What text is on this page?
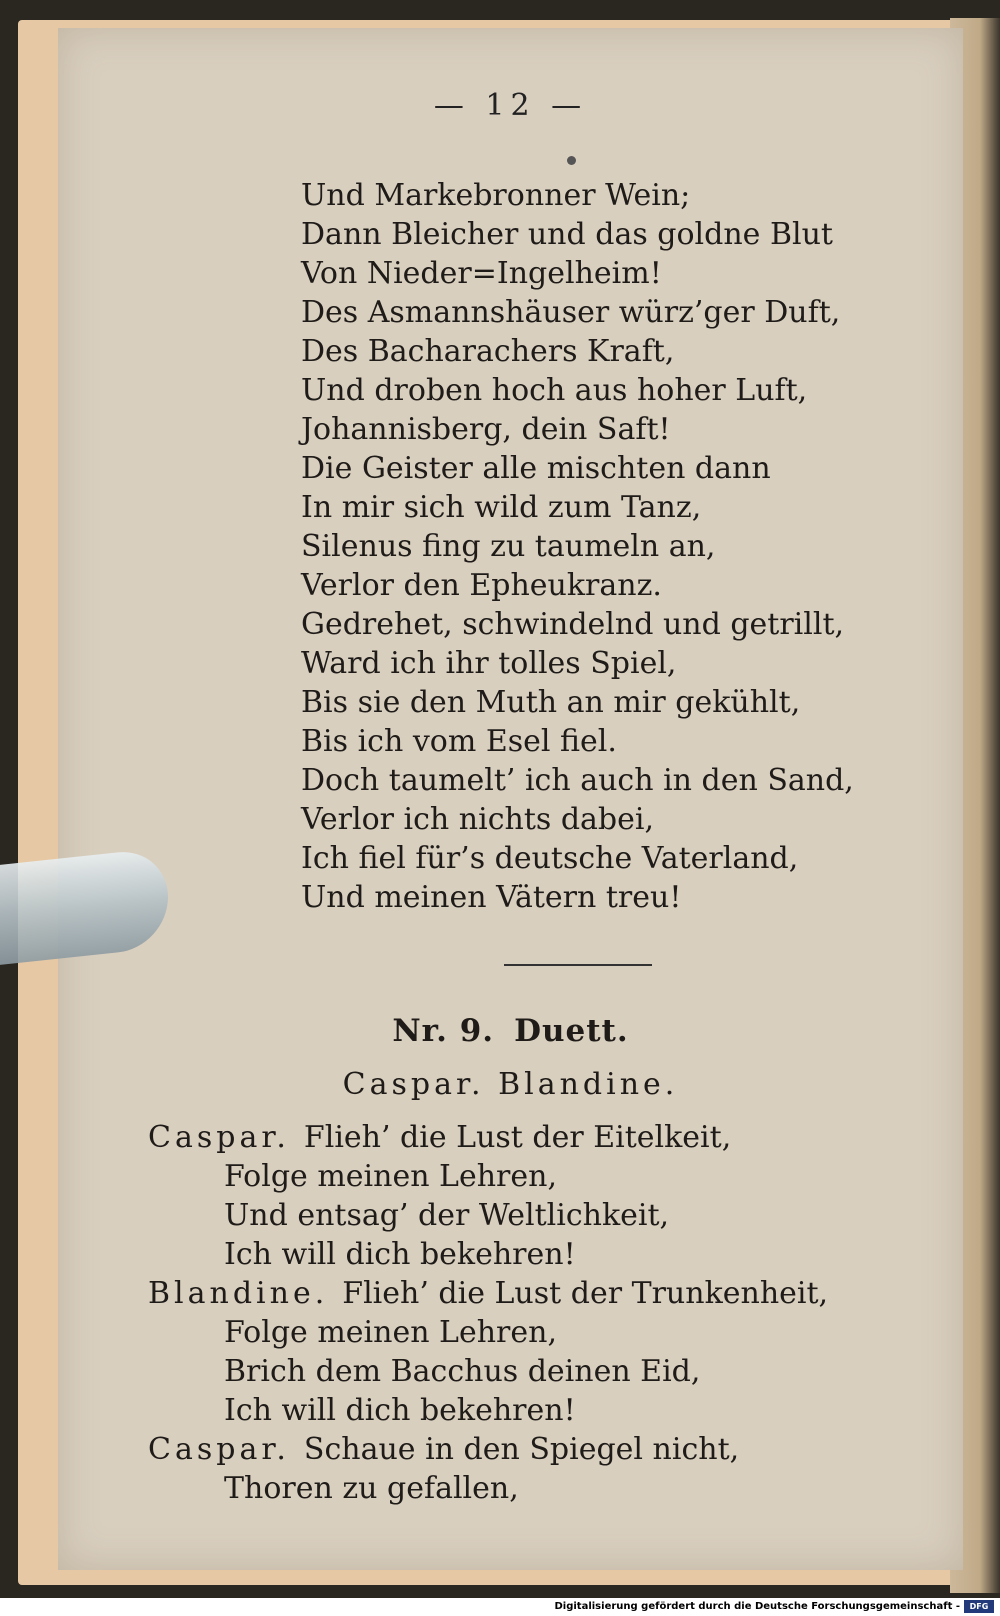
— 12 —
Und Markebronner Wein;
Dann Bleicher und das goldne Blut
Von Nieder=Ingelheim!
Des Asmannshäuser würz’ger Duft,
Des Bacharachers Kraft,
Und droben hoch aus hoher Luft,
Johannisberg, dein Saft!
Die Geister alle mischten dann
In mir sich wild zum Tanz,
Silenus fing zu taumeln an,
Verlor den Epheukranz.
Gedrehet, schwindelnd und getrillt,
Ward ich ihr tolles Spiel,
Bis sie den Muth an mir gekühlt,
Bis ich vom Esel fiel.
Doch taumelt’ ich auch in den Sand,
Verlor ich nichts dabei,
Ich fiel für’s deutsche Vaterland,
Und meinen Vätern treu!
Nr. 9. Duett.
Caspar. Blandine.
Caspar. Flieh’ die Lust der Eitelkeit,
Folge meinen Lehren,
Und entsag’ der Weltlichkeit,
Ich will dich bekehren!
Blandine. Flieh’ die Lust der Trunkenheit,
Folge meinen Lehren,
Brich dem Bacchus deinen Eid,
Ich will dich bekehren!
Caspar. Schaue in den Spiegel nicht,
Thoren zu gefallen,
Digitalisierung gefördert durch die Deutsche Forschungsgemeinschaft -	DFG
